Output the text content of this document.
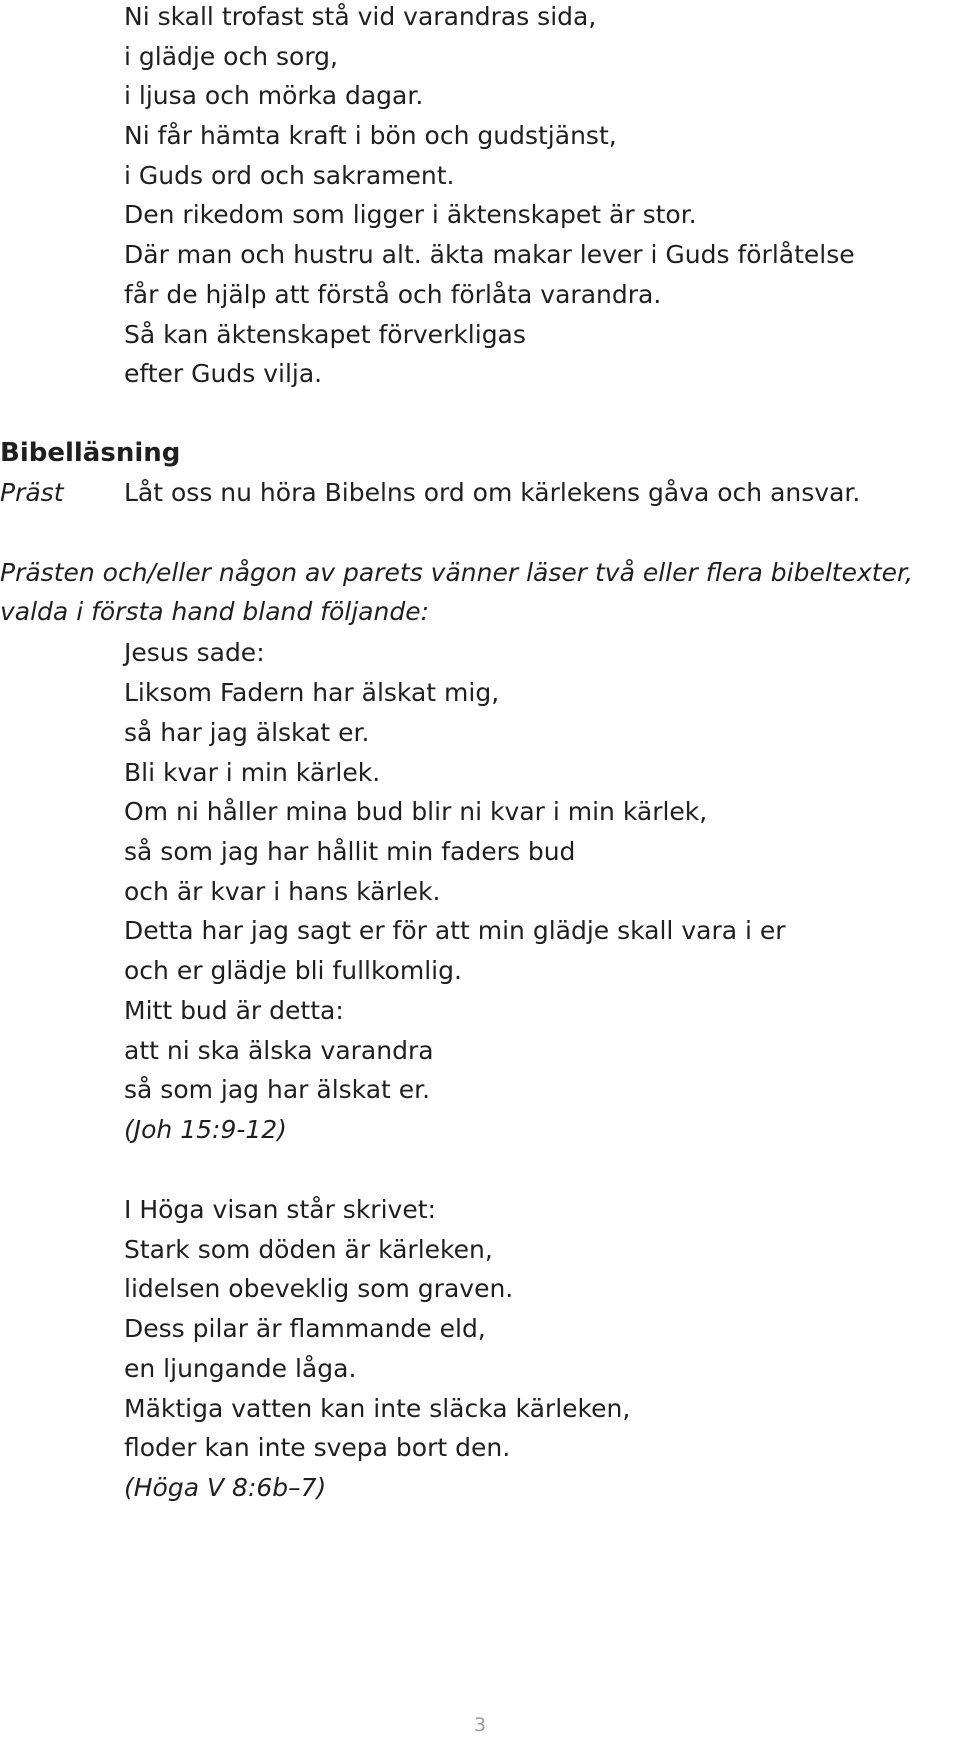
Ni skall trofast stå vid varandras sida,
i glädje och sorg,
i ljusa och mörka dagar.
Ni får hämta kraft i bön och gudstjänst,
i Guds ord och sakrament.
Den rikedom som ligger i äktenskapet är stor.
Där man och hustru alt. äkta makar lever i Guds förlåtelse
får de hjälp att förstå och förlåta varandra.
Så kan äktenskapet förverkligas
efter Guds vilja.
Bibelläsning
Präst Låt oss nu höra Bibelns ord om kärlekens gåva och ansvar.
Prästen och/eller någon av parets vänner läser två eller flera bibeltexter,
valda i första hand bland följande:
Jesus sade:
Liksom Fadern har älskat mig,
så har jag älskat er.
Bli kvar i min kärlek.
Om ni håller mina bud blir ni kvar i min kärlek,
så som jag har hållit min faders bud
och är kvar i hans kärlek.
Detta har jag sagt er för att min glädje skall vara i er
och er glädje bli fullkomlig.
Mitt bud är detta:
att ni ska älska varandra
så som jag har älskat er.
(Joh 15:9-12)
I Höga visan står skrivet:
Stark som döden är kärleken,
lidelsen obeveklig som graven.
Dess pilar är flammande eld,
en ljungande låga.
Mäktiga vatten kan inte släcka kärleken,
floder kan inte svepa bort den.
(Höga V 8:6b–7)
3
